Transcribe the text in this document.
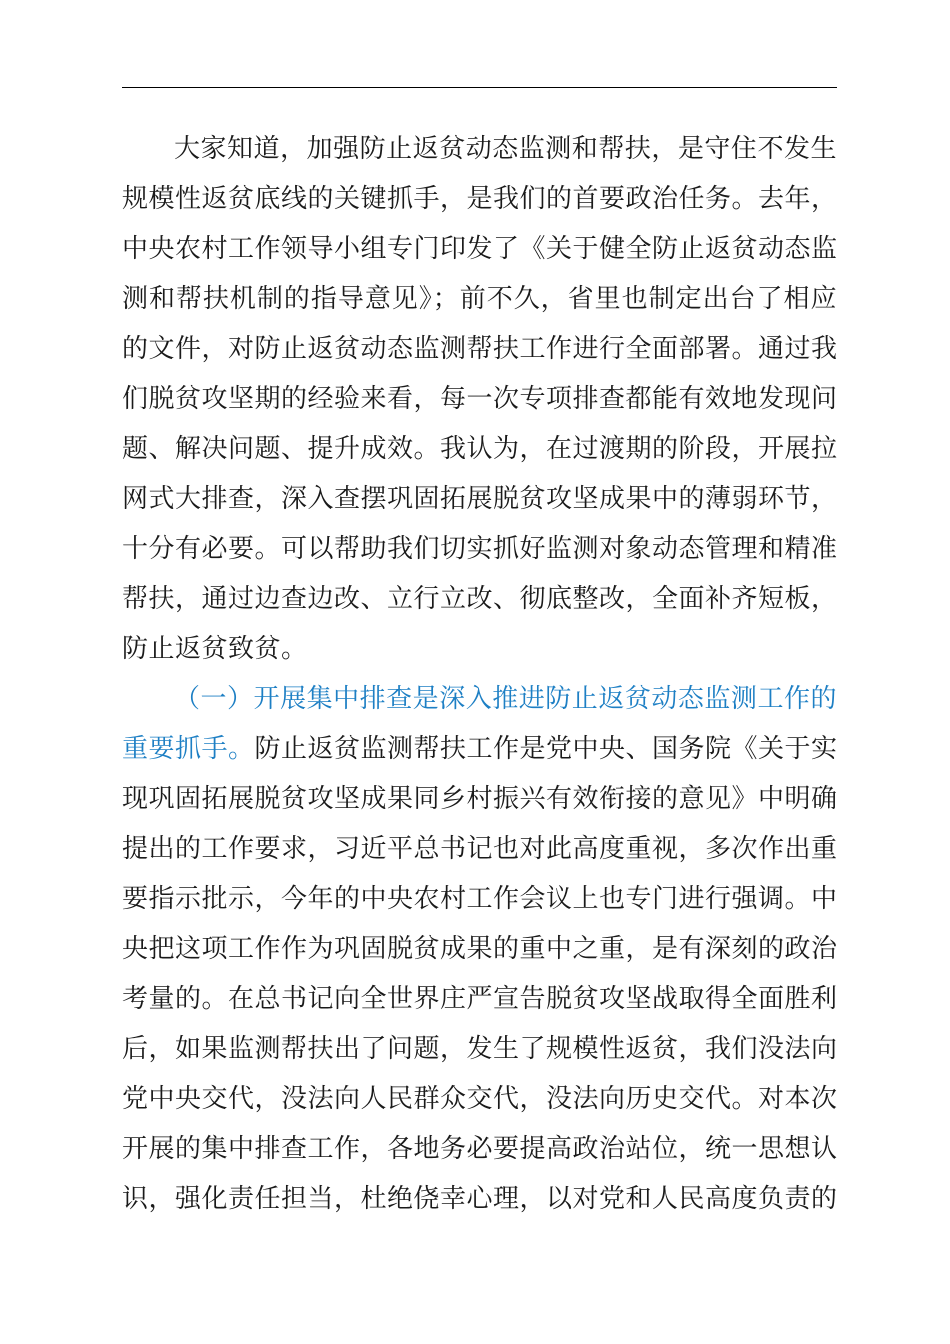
大家知道，加强防止返贫动态监测和帮扶，是守住不发生
规模性返贫底线的关键抓手，是我们的首要政治任务。去年，
中央农村工作领导小组专门印发了《关于健全防止返贫动态监
测和帮扶机制的指导意见》；前不久，省里也制定出台了相应
的文件，对防止返贫动态监测帮扶工作进行全面部署。通过我
们脱贫攻坚期的经验来看，每一次专项排查都能有效地发现问
题、解决问题、提升成效。我认为，在过渡期的阶段，开展拉
网式大排查，深入查摆巩固拓展脱贫攻坚成果中的薄弱环节，
十分有必要。可以帮助我们切实抓好监测对象动态管理和精准
帮扶，通过边查边改、立行立改、彻底整改，全面补齐短板，
防止返贫致贫。
（一）开展集中排查是深入推进防止返贫动态监测工作的
重要抓手。防止返贫监测帮扶工作是党中央、国务院《关于实
现巩固拓展脱贫攻坚成果同乡村振兴有效衔接的意见》中明确
提出的工作要求，习近平总书记也对此高度重视，多次作出重
要指示批示，今年的中央农村工作会议上也专门进行强调。中
央把这项工作作为巩固脱贫成果的重中之重，是有深刻的政治
考量的。在总书记向全世界庄严宣告脱贫攻坚战取得全面胜利
后，如果监测帮扶出了问题，发生了规模性返贫，我们没法向
党中央交代，没法向人民群众交代，没法向历史交代。对本次
开展的集中排查工作，各地务必要提高政治站位，统一思想认
识，强化责任担当，杜绝侥幸心理，以对党和人民高度负责的
